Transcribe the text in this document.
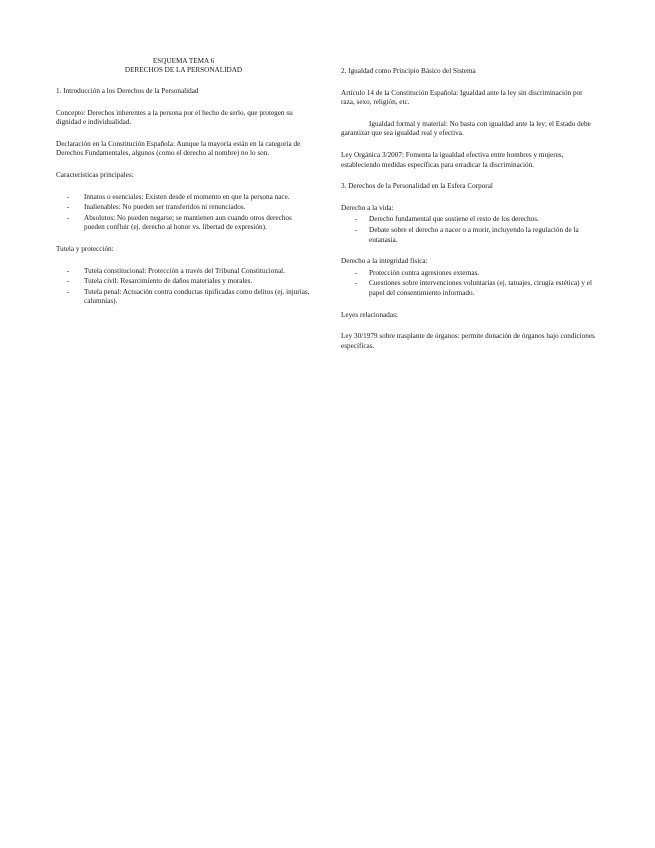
ESQUEMA TEMA 6
DERECHOS DE LA PERSONALIDAD

1. Introducción a los Derechos de la Personalidad

Concepto: Derechos inherentes a la persona por el hecho de serlo, que protegen su dignidad e individualidad.

Declaración en la Constitución Española: Aunque la mayoría están en la categoría de Derechos Fundamentales, algunos (como el derecho al nombre) no lo son.

Características principales:

- Innatos o esenciales: Existen desde el momento en que la persona nace.
- Inalienables: No pueden ser transferidos ni renunciados.
- Absolutos: No pueden negarse; se mantienen aun cuando otros derechos pueden confluir (ej. derecho al honor vs. libertad de expresión).

Tutela y protección:

- Tutela constitucional: Protección a través del Tribunal Constitucional.
- Tutela civil: Resarcimiento de daños materiales y morales.
- Tutela penal: Actuación contra conductas tipificadas como delitos (ej. injurias, calumnias).

2. Igualdad como Principio Básico del Sistema

Artículo 14 de la Constitución Española: Igualdad ante la ley sin discriminación por raza, sexo, religión, etc.

Igualdad formal y material: No basta con igualdad ante la ley; el Estado debe garantizar que sea igualdad real y efectiva.

Ley Orgánica 3/2007: Fomenta la igualdad efectiva entre hombres y mujeres, estableciendo medidas específicas para erradicar la discriminación.

3. Derechos de la Personalidad en la Esfera Corporal

Derecho a la vida:

- Derecho fundamental que sostiene el resto de los derechos.
- Debate sobre el derecho a nacer o a morir, incluyendo la regulación de la eutanasia.

Derecho a la integridad física:

- Protección contra agresiones externas.
- Cuestiones sobre intervenciones voluntarias (ej. tatuajes, cirugía estética) y el papel del consentimiento informado.

Leyes relacionadas:

Ley 30/1979 sobre trasplante de órganos: permite donación de órganos bajo condiciones específicas.
